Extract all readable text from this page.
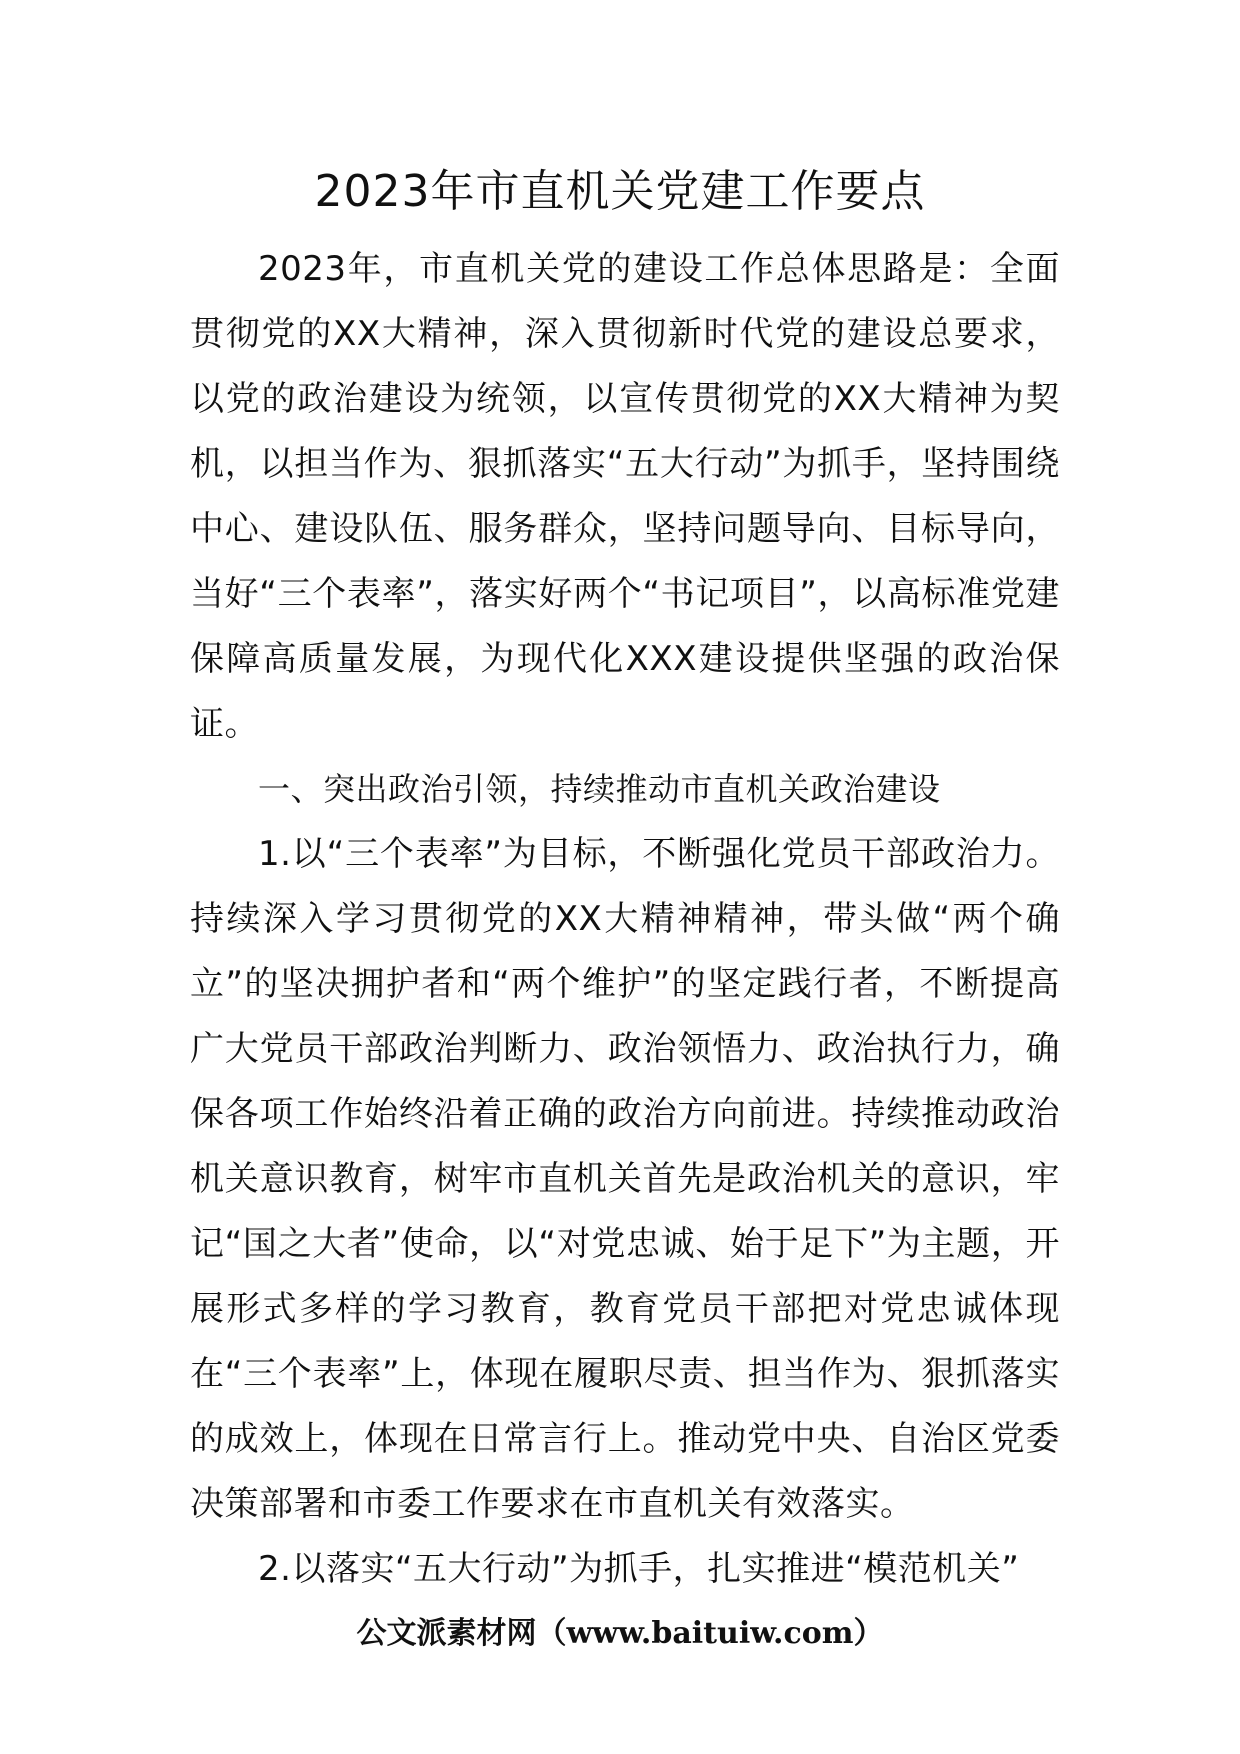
2023年市直机关党建工作要点

2023年，市直机关党的建设工作总体思路是：全面贯彻党的XX大精神，深入贯彻新时代党的建设总要求，以党的政治建设为统领，以宣传贯彻党的XX大精神为契机，以担当作为、狠抓落实“五大行动”为抓手，坚持围绕中心、建设队伍、服务群众，坚持问题导向、目标导向，当好“三个表率”，落实好两个“书记项目”，以高标准党建保障高质量发展，为现代化XXX建设提供坚强的政治保证。

一、突出政治引领，持续推动市直机关政治建设

1.以“三个表率”为目标，不断强化党员干部政治力。持续深入学习贯彻党的XX大精神精神，带头做“两个确立”的坚决拥护者和“两个维护”的坚定践行者，不断提高广大党员干部政治判断力、政治领悟力、政治执行力，确保各项工作始终沿着正确的政治方向前进。持续推动政治机关意识教育，树牢市直机关首先是政治机关的意识，牢记“国之大者”使命，以“对党忠诚、始于足下”为主题，开展形式多样的学习教育，教育党员干部把对党忠诚体现在“三个表率”上，体现在履职尽责、担当作为、狠抓落实的成效上，体现在日常言行上。推动党中央、自治区党委决策部署和市委工作要求在市直机关有效落实。

2.以落实“五大行动”为抓手，扎实推进“模范机关”

公文派素材网（www.baituiw.com）
